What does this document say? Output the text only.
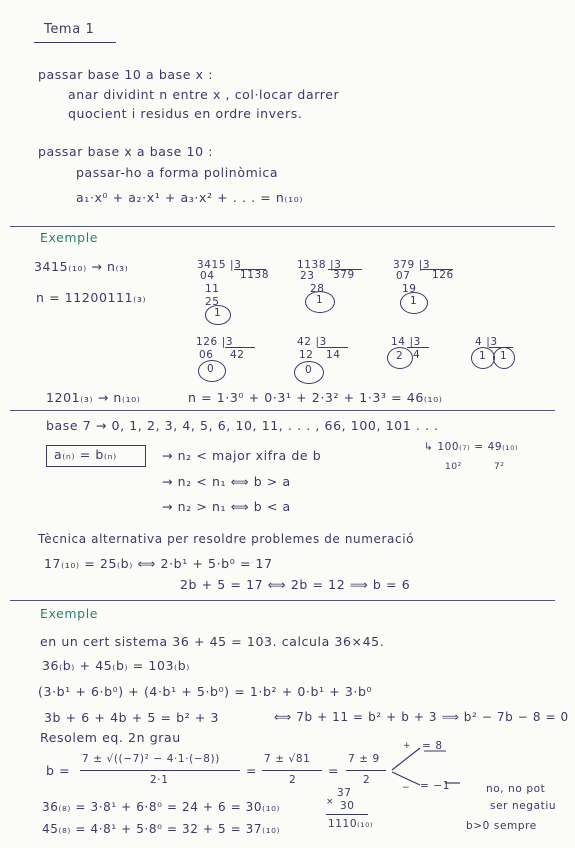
Tema 1
passar base 10 a base x :
anar dividint n entre x , col·locar darrer
quocient i residus en ordre invers.
passar base x a base 10 :
passar-ho a forma polinòmica
a₁·x⁰ + a₂·x¹ + a₃·x² + . . . = n₍₁₀₎
Exemple
3415₍₁₀₎ → n₍₃₎
n = 11200111₍₃₎
3415 |3
1138
04
11
25
1
1138 |3
379
23
28
1
379 |3
126
07
19
1
126 |3
42
06
0
42 |3
14
12
0
14 |3
2 4
4 |3
1 1
1201₍₃₎ → n₍₁₀₎	n = 1·3⁰ + 0·3¹ + 2·3² + 1·3³ = 46₍₁₀₎
base 7 → 0, 1, 2, 3, 4, 5, 6, 10, 11, . . . , 66, 100, 101 . . .
↳ 100₍₇₎ = 49₍₁₀₎
10²	7²
a₍ₙ₎ = b₍ₙ₎	→ n₂ < major xifra de b
→ n₂ < n₁ ⟺ b > a
→ n₂ > n₁ ⟺ b < a
Tècnica alternativa per resoldre problemes de numeració
17₍₁₀₎ = 25₍b₎ ⟺ 2·b¹ + 5·b⁰ = 17
2b + 5 = 17 ⟺ 2b = 12 ⟹ b = 6
Exemple
en un cert sistema 36 + 45 = 103. calcula 36×45.
36₍b₎ + 45₍b₎ = 103₍b₎
(3·b¹ + 6·b⁰) + (4·b¹ + 5·b⁰) = 1·b² + 0·b¹ + 3·b⁰
3b + 6 + 4b + 5 = b² + 3	⟺ 7b + 11 = b² + b + 3 ⟹ b² − 7b − 8 = 0
Resolem eq. 2n grau
b =
7 ± √((−7)² − 4·1·(−8))
2·1
=
7 ± √81
2
=
7 ± 9
2
+ = 8
− = −1	no, no pot
ser negatiu
b>0 sempre
36₍₈₎ = 3·8¹ + 6·8⁰ = 24 + 6 = 30₍₁₀₎
45₍₈₎ = 4·8¹ + 5·8⁰ = 32 + 5 = 37₍₁₀₎
37
× 30
1110₍₁₀₎
